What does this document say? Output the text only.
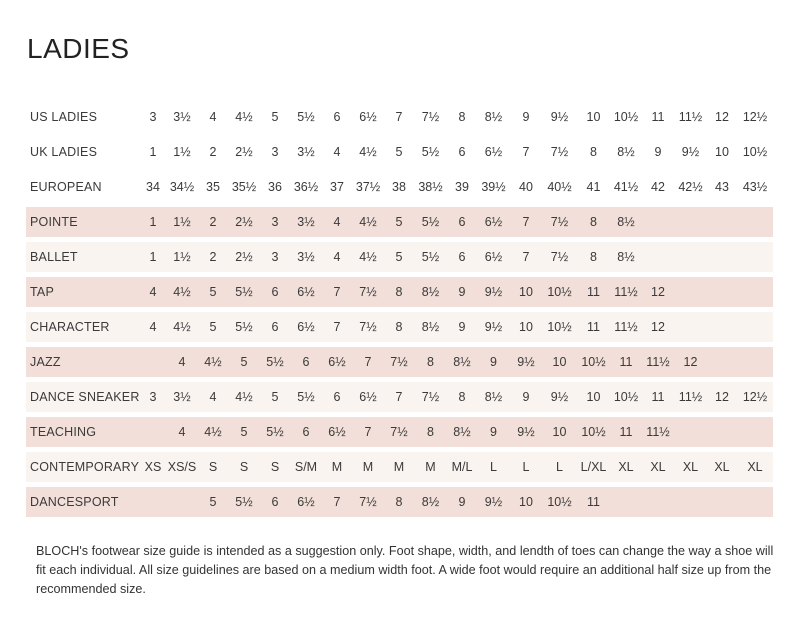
LADIES
US LADIES	3	3½	4	4½	5	5½	6	6½	7	7½	8	8½	9	9½	10	10½	11	11½	12	12½
UK LADIES	1	1½	2	2½	3	3½	4	4½	5	5½	6	6½	7	7½	8	8½	9	9½	10	10½
EUROPEAN	34	34½	35	35½	36	36½	37	37½	38	38½	39	39½	40	40½	41	41½	42	42½	43	43½
POINTE	1	1½	2	2½	3	3½	4	4½	5	5½	6	6½	7	7½	8	8½				
BALLET	1	1½	2	2½	3	3½	4	4½	5	5½	6	6½	7	7½	8	8½				
TAP	4	4½	5	5½	6	6½	7	7½	8	8½	9	9½	10	10½	11	11½	12			
CHARACTER	4	4½	5	5½	6	6½	7	7½	8	8½	9	9½	10	10½	11	11½	12			
JAZZ		4	4½	5	5½	6	6½	7	7½	8	8½	9	9½	10	10½	11	11½	12		
DANCE SNEAKER	3	3½	4	4½	5	5½	6	6½	7	7½	8	8½	9	9½	10	10½	11	11½	12	12½
TEACHING		4	4½	5	5½	6	6½	7	7½	8	8½	9	9½	10	10½	11	11½			
CONTEMPORARY	XS	XS/S	S	S	S	S/M	M	M	M	M	M/L	L	L	L	L/XL	XL	XL	XL	XL	XL
DANCESPORT			5	5½	6	6½	7	7½	8	8½	9	9½	10	10½	11					

BLOCH's footwear size guide is intended as a suggestion only. Foot shape, width, and lendth of toes can change the way a shoe will fit each individual. All size guidelines are based on a medium width foot. A wide foot would require an additional half size up from the recommended size.
